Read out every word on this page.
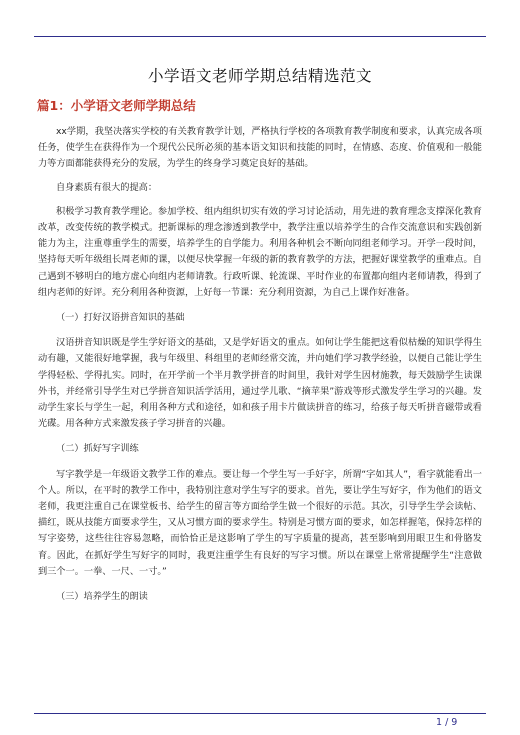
小学语文老师学期总结精选范文
篇1：小学语文老师学期总结

xx学期，我坚决落实学校的有关教育教学计划，严格执行学校的各项教育教学制度和要求，认真完成各项任务，使学生在获得作为一个现代公民所必须的基本语文知识和技能的同时，在情感、态度、价值观和一般能力等方面都能获得充分的发展，为学生的终身学习奠定良好的基础。

自身素质有很大的提高：

积极学习教育教学理论。参加学校、组内组织切实有效的学习讨论活动，用先进的教育理念支撑深化教育改革，改变传统的教学模式。把新课标的理念渗透到教学中，教学注重以培养学生的合作交流意识和实践创新能力为主，注重尊重学生的需要，培养学生的自学能力。利用各种机会不断向同组老师学习。开学一段时间，坚持每天听年级组长周老师的课，以便尽快掌握一年级的新的教育教学的方法，把握好课堂教学的重难点。自己遇到不够明白的地方虚心向组内老师请教。行政听课、轮流课、平时作业的布置都向组内老师请教，得到了组内老师的好评。充分利用各种资源，上好每一节课：充分利用资源，为自己上课作好准备。

（一）打好汉语拼音知识的基础

汉语拼音知识既是学生学好语文的基础，又是学好语文的重点。如何让学生能把这看似枯燥的知识学得生动有趣，又能很好地掌握，我与年级里、科组里的老师经常交流，并向她们学习教学经验，以便自己能让学生学得轻松、学得扎实。同时，在开学前一个半月教学拼音的时间里，我针对学生因材施教，每天鼓励学生读课外书，并经常引导学生对已学拼音知识活学活用，通过学儿歌、“摘苹果”游戏等形式激发学生学习的兴趣。发动学生家长与学生一起，利用各种方式和途径，如和孩子用卡片做读拼音的练习，给孩子每天听拼音磁带或看光碟。用各种方式来激发孩子学习拼音的兴趣。

（二）抓好写字训练

写字教学是一年级语文教学工作的难点。要让每一个学生写一手好字，所谓“字如其人”，看字就能看出一个人。所以，在平时的教学工作中，我特别注意对学生写字的要求。首先，要让学生写好字，作为他们的语文老师，我更注重自己在课堂板书、给学生的留言等方面给学生做一个很好的示范。其次，引导学生学会读帖、描红，既从技能方面要求学生，又从习惯方面的要求学生。特别是习惯方面的要求，如怎样握笔，保持怎样的写字姿势，这些往往容易忽略，而恰恰正是这影响了学生的写字质量的提高，甚至影响到用眼卫生和骨胳发育。因此，在抓好学生写好字的同时，我更注重学生有良好的写字习惯。所以在课堂上常常提醒学生“注意做到三个一。一拳、一尺、一寸。”

（三）培养学生的朗读

1 / 9
